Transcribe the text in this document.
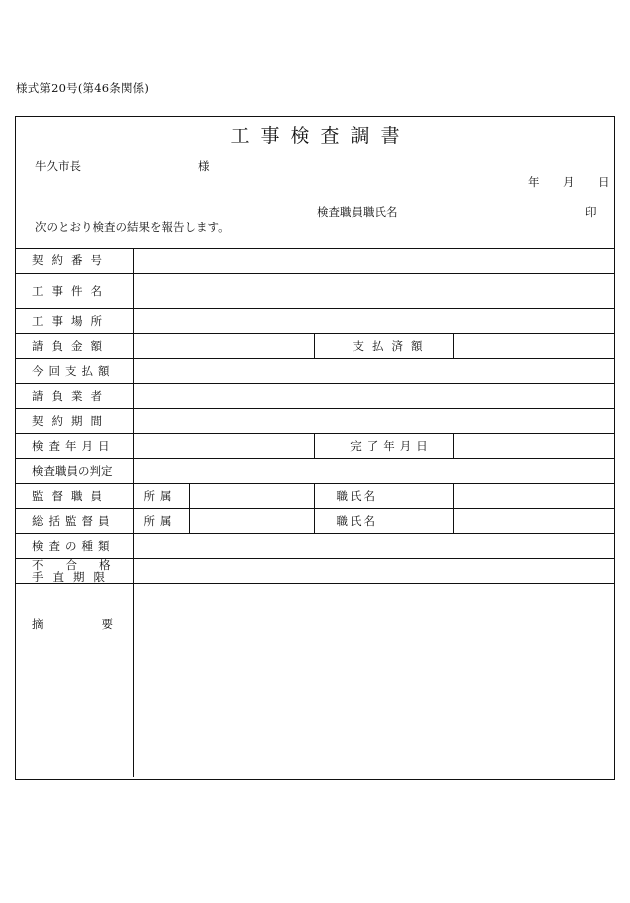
様式第20号(第46条関係)
工事検査調書
牛久市長	様
年 月 日
検査職員職氏名	印
次のとおり検査の結果を報告します。
契約番号				
工事件名				
工事場所				
請負金額			支払済額	
今回支払額				
請負業者				
契約期間				
検査年月日			完了年月日	
検査職員の判定				
監督職員	所属		職氏名	
総括監督員	所属		職氏名	
検査の種類				

不合格
手直期限				

摘要				
